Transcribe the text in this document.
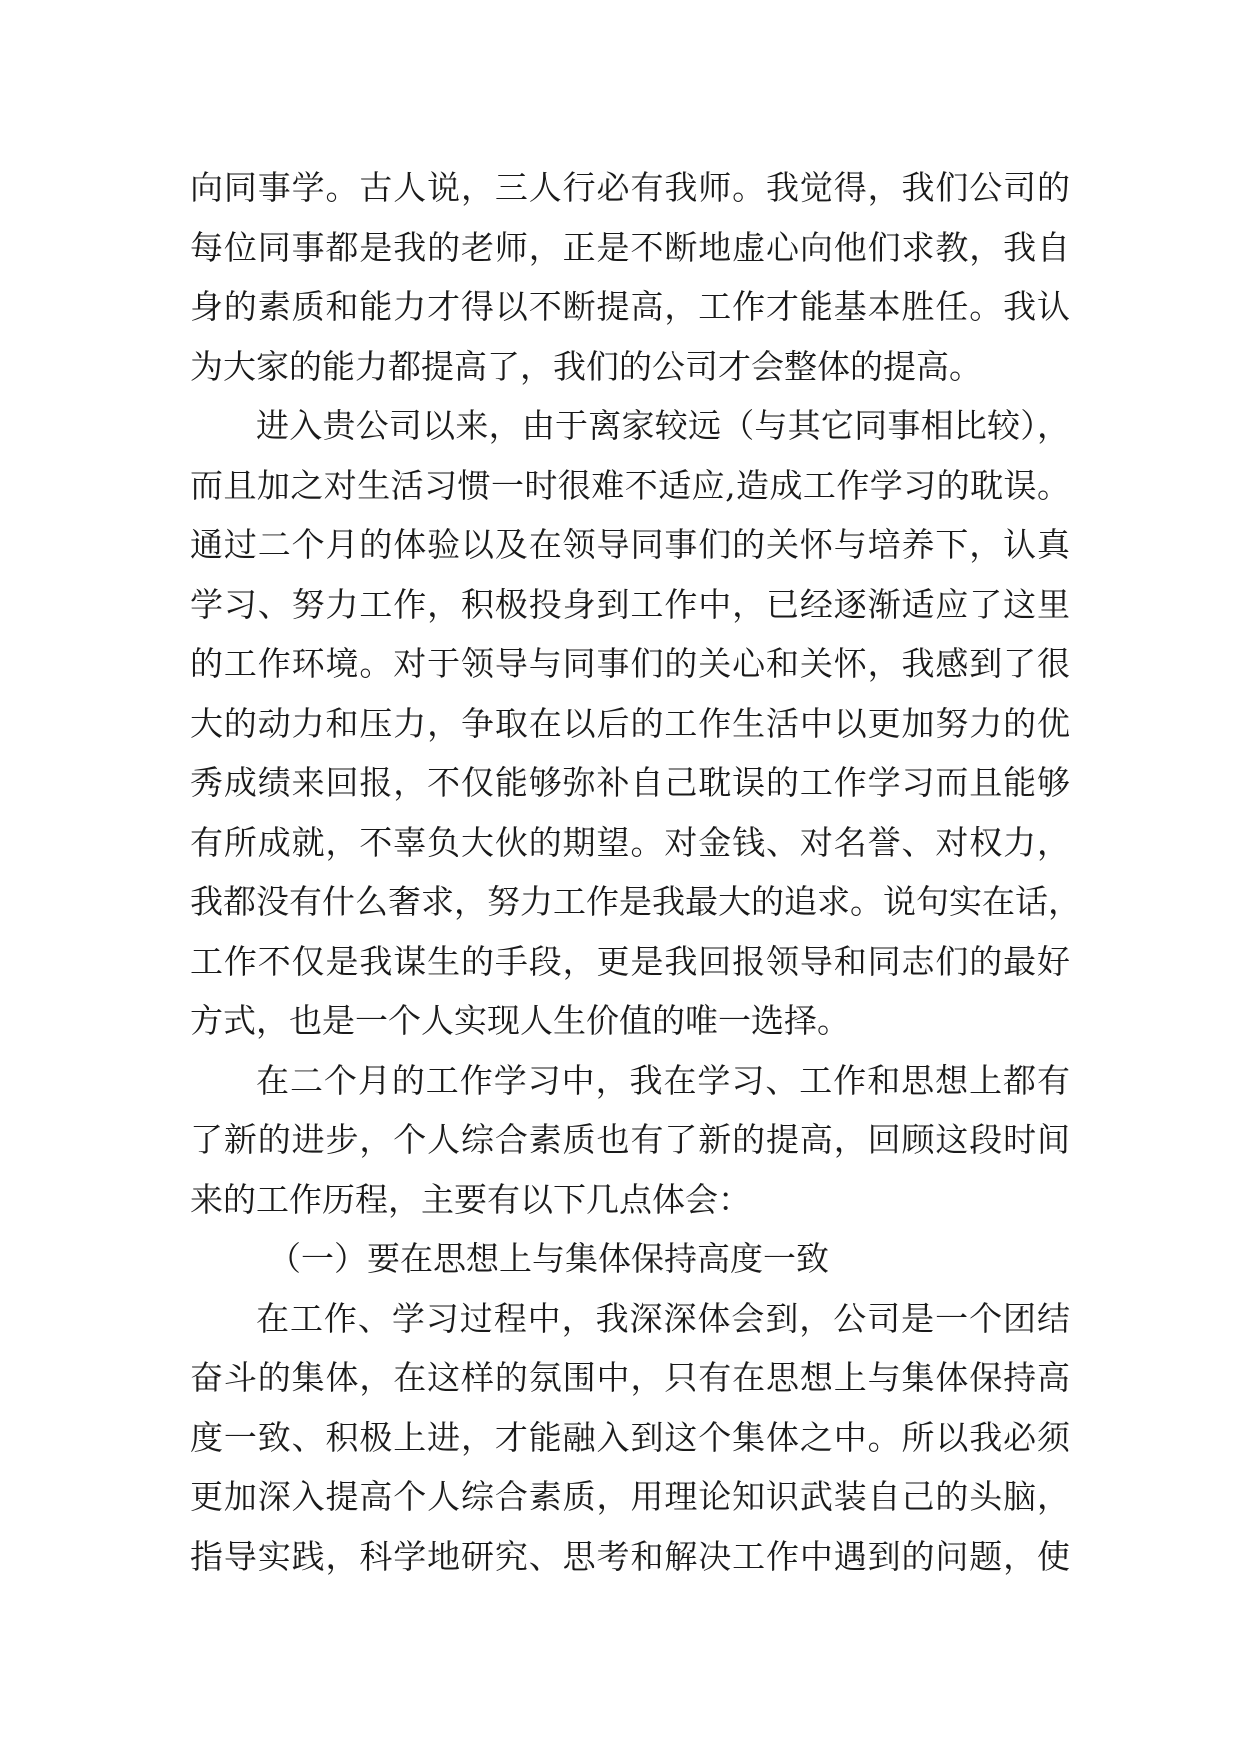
向同事学。古人说，三人行必有我师。我觉得，我们公司的
每位同事都是我的老师，正是不断地虚心向他们求教，我自
身的素质和能力才得以不断提高，工作才能基本胜任。我认
为大家的能力都提高了，我们的公司才会整体的提高。
进入贵公司以来，由于离家较远（与其它同事相比较），
而且加之对生活习惯一时很难不适应,造成工作学习的耽误。
通过二个月的体验以及在领导同事们的关怀与培养下，认真
学习、努力工作，积极投身到工作中，已经逐渐适应了这里
的工作环境。对于领导与同事们的关心和关怀，我感到了很
大的动力和压力，争取在以后的工作生活中以更加努力的优
秀成绩来回报，不仅能够弥补自己耽误的工作学习而且能够
有所成就，不辜负大伙的期望。对金钱、对名誉、对权力，
我都没有什么奢求，努力工作是我最大的追求。说句实在话，
工作不仅是我谋生的手段，更是我回报领导和同志们的最好
方式，也是一个人实现人生价值的唯一选择。
在二个月的工作学习中，我在学习、工作和思想上都有
了新的进步，个人综合素质也有了新的提高，回顾这段时间
来的工作历程，主要有以下几点体会：
（一）要在思想上与集体保持高度一致
在工作、学习过程中，我深深体会到，公司是一个团结
奋斗的集体，在这样的氛围中，只有在思想上与集体保持高
度一致、积极上进，才能融入到这个集体之中。所以我必须
更加深入提高个人综合素质，用理论知识武装自己的头脑，
指导实践，科学地研究、思考和解决工作中遇到的问题，使
